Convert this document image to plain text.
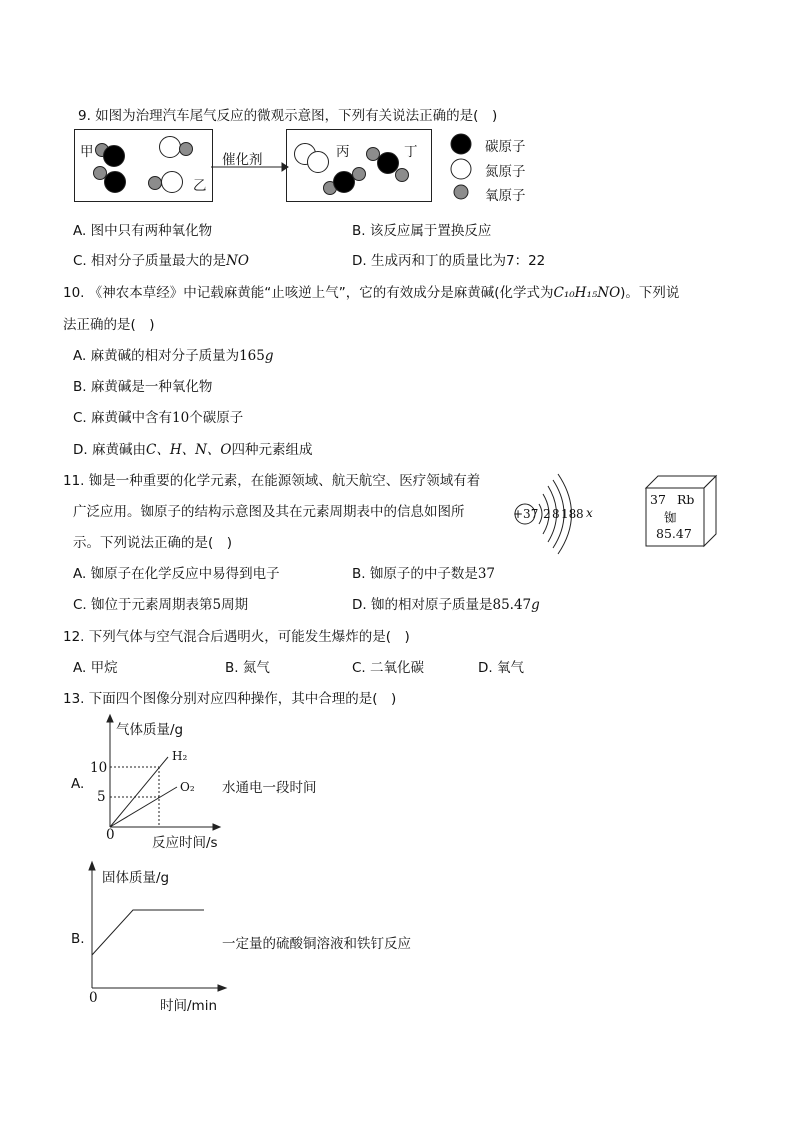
9. 如图为治理汽车尾气反应的微观示意图，下列有关说法正确的是(　)
甲
乙
丙	丁
催化剂
碳原子
氮原子
氧原子
A. 图中只有两种氧化物	B. 该反应属于置换反应
C. 相对分子质量最大的是NO	D. 生成丙和丁的质量比为7：22
10. 《神农本草经》中记载麻黄能“止咳逆上气”，它的有效成分是麻黄碱(化学式为C₁₀H₁₅NO)。下列说
法正确的是(　)
A. 麻黄碱的相对分子质量为165g
B. 麻黄碱是一种氧化物
C. 麻黄碱中含有10个碳原子
D. 麻黄碱由C、H、N、O四种元素组成
11. 铷是一种重要的化学元素，在能源领域、航天航空、医疗领域有着
广泛应用。铷原子的结构示意图及其在元素周期表中的信息如图所
示。下列说法正确的是(　)
+37 2 8 18 8 x
37 Rb
铷
85.47
A. 铷原子在化学反应中易得到电子	B. 铷原子的中子数是37
C. 铷位于元素周期表第5周期	D. 铷的相对原子质量是85.47g
12. 下列气体与空气混合后遇明火，可能发生爆炸的是(　)
A. 甲烷	B. 氮气	C. 二氧化碳	D. 氧气
13. 下面四个图像分别对应四种操作，其中合理的是(　)
A.
气体质量/g
10
5
0	反应时间/s
H₂
O₂ 水通电一段时间
B.
固体质量/g
0	时间/min
一定量的硫酸铜溶液和铁钉反应
